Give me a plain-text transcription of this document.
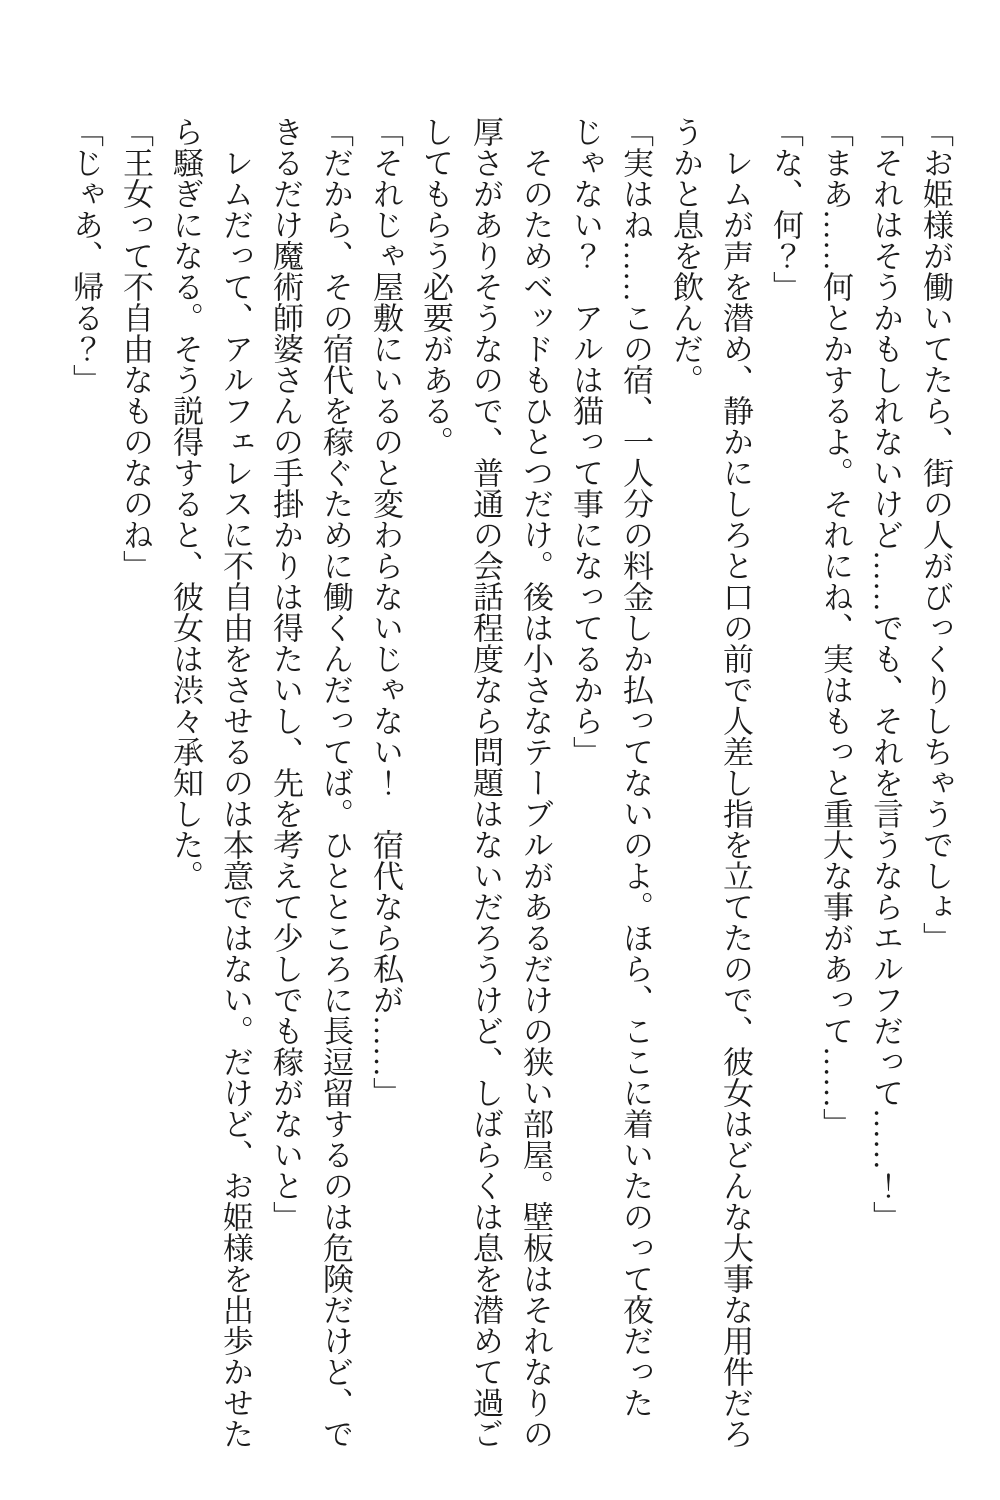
「お姫様が働いてたら、街の人がびっくりしちゃうでしょ」

「それはそうかもしれないけど……でも、それを言うならエルフだって……！」

「まあ……何とかするよ。それにね、実はもっと重大な事があって……」

「な、何？」

　レムが声を潜め、静かにしろと口の前で人差し指を立てたので、彼女はどんな大事な用件だろうかと息を飲んだ。

「実はね……この宿、一人分の料金しか払ってないのよ。ほら、ここに着いたのって夜だったじゃない？　アルは猫って事になってるから」

　そのためベッドもひとつだけ。後は小さなテーブルがあるだけの狭い部屋。壁板はそれなりの厚さがありそうなので、普通の会話程度なら問題はないだろうけど、しばらくは息を潜めて過ごしてもらう必要がある。

「それじゃ屋敷にいるのと変わらないじゃない！　宿代なら私が……」

「だから、その宿代を稼ぐために働くんだってば。ひとところに長逗留するのは危険だけど、できるだけ魔術師婆さんの手掛かりは得たいし、先を考えて少しでも稼がないと」

　レムだって、アルフェレスに不自由をさせるのは本意ではない。だけど、お姫様を出歩かせたら騒ぎになる。そう説得すると、彼女は渋々承知した。

「王女って不自由なものなのね」

「じゃあ、帰る？」
